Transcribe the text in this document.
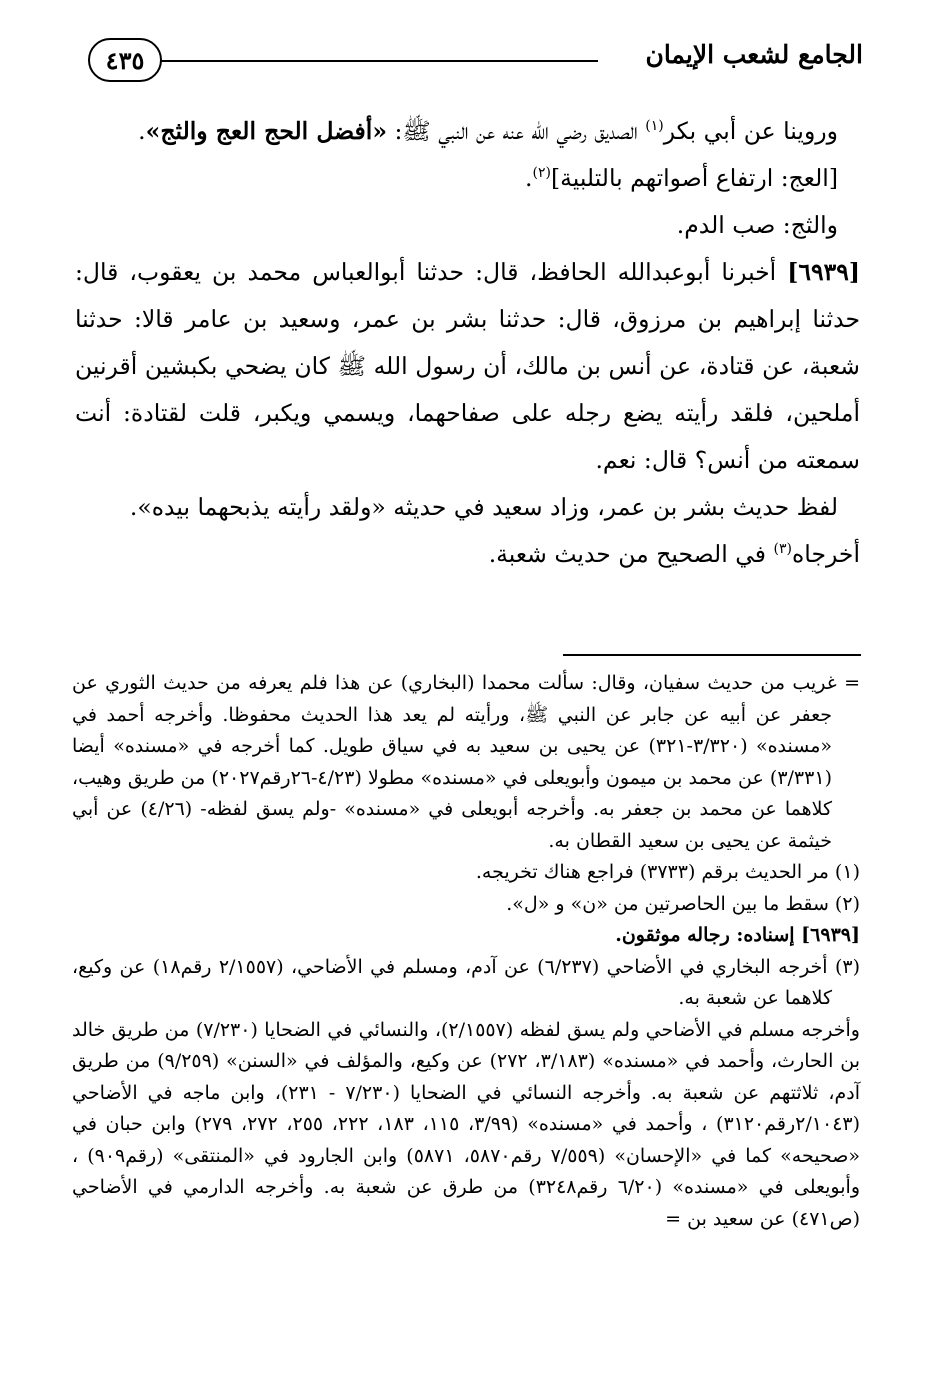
الجامع لشعب الإيمان
٤٣٥

وروينا عن أبي بكر$^{(١)}$ الصديق رضي الله عنه عن النبي ﷺ: «أفضل الحج العج والثج».

[العج: ارتفاع أصواتهم بالتلبية]$^{(٢)}$.

والثج: صب الدم.

[٦٩٣٩] أخبرنا أبوعبدالله الحافظ، قال: حدثنا أبوالعباس محمد بن يعقوب، قال: حدثنا إبراهيم بن مرزوق، قال: حدثنا بشر بن عمر، وسعيد بن عامر قالا: حدثنا شعبة، عن قتادة، عن أنس بن مالك، أن رسول الله ﷺ كان يضحي بكبشين أقرنين أملحين، فلقد رأيته يضع رجله على صفاحهما، ويسمي ويكبر، قلت لقتادة: أنت سمعته من أنس؟ قال: نعم.

لفظ حديث بشر بن عمر، وزاد سعيد في حديثه «ولقد رأيته يذبحهما بيده».

أخرجاه$^{(٣)}$ في الصحيح من حديث شعبة.

= غريب من حديث سفيان، وقال: سألت محمدا (البخاري) عن هذا فلم يعرفه من حديث الثوري عن جعفر عن أبيه عن جابر عن النبي ﷺ، ورأيته لم يعد هذا الحديث محفوظا. وأخرجه أحمد في «مسنده» (٣/٣٢٠-٣٢١) عن يحيى بن سعيد به في سياق طويل. كما أخرجه في «مسنده» أيضا (٣/٣٣١) عن محمد بن ميمون وأبويعلى في «مسنده» مطولا (٤/٢٣-٢٦رقم٢٠٢٧) من طريق وهيب، كلاهما عن محمد بن جعفر به. وأخرجه أبويعلى في «مسنده» -ولم يسق لفظه- (٤/٢٦) عن أبي خيثمة عن يحيى بن سعيد القطان به.

(١) مر الحديث برقم (٣٧٣٣) فراجع هناك تخريجه.

(٢) سقط ما بين الحاصرتين من «ن» و «ل».

[٦٩٣٩] إسناده: رجاله موثقون.

(٣) أخرجه البخاري في الأضاحي (٦/٢٣٧) عن آدم، ومسلم في الأضاحي، (٢/١٥٥٧ رقم١٨) عن وكيع، كلاهما عن شعبة به.

وأخرجه مسلم في الأضاحي ولم يسق لفظه (٢/١٥٥٧)، والنسائي في الضحايا (٧/٢٣٠) من طريق خالد بن الحارث، وأحمد في «مسنده» (٣/١٨٣، ٢٧٢) عن وكيع، والمؤلف في «السنن» (٩/٢٥٩) من طريق آدم، ثلاثتهم عن شعبة به. وأخرجه النسائي في الضحايا (٧/٢٣٠ - ٢٣١)، وابن ماجه في الأضاحي (٢/١٠٤٣رقم٣١٢٠) ، وأحمد في «مسنده» (٣/٩٩، ١١٥، ١٨٣، ٢٢٢، ٢٥٥، ٢٧٢، ٢٧٩) وابن حبان في «صحيحه» كما في «الإحسان» (٧/٥٥٩ رقم٥٨٧٠، ٥٨٧١) وابن الجارود في «المنتقى» (رقم٩٠٩) ، وأبويعلى في «مسنده» (٦/٢٠ رقم٣٢٤٨) من طرق عن شعبة به. وأخرجه الدارمي في الأضاحي (ص٤٧١) عن سعيد بن =
